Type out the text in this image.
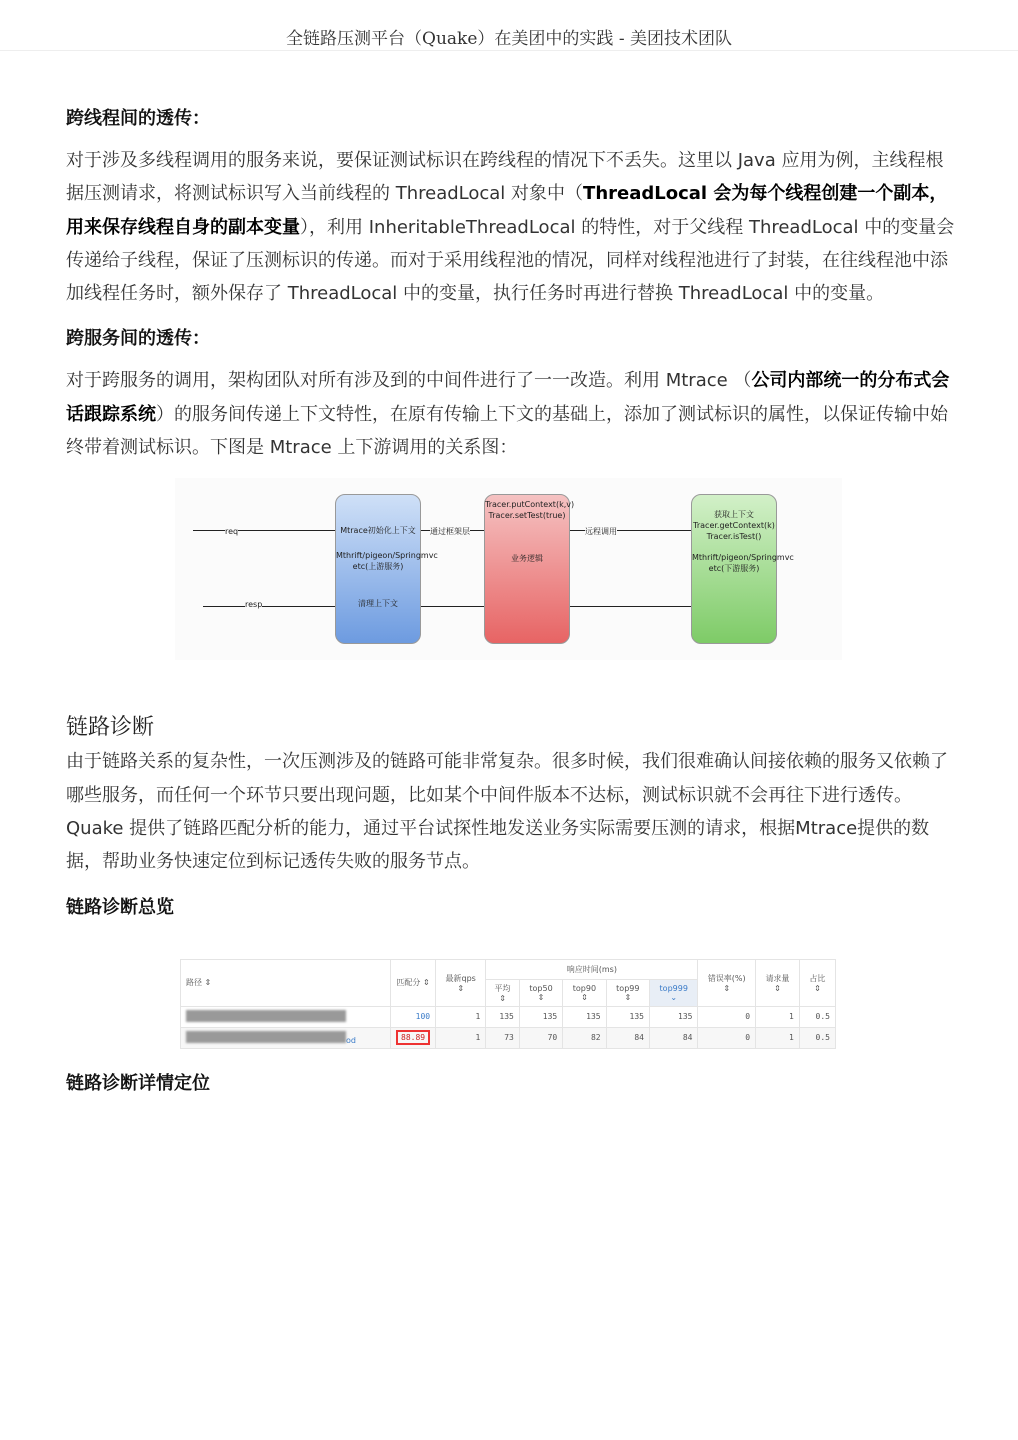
全链路压测平台（Quake）在美团中的实践 - 美团技术团队
跨线程间的透传：

对于涉及多线程调用的服务来说，要保证测试标识在跨线程的情况下不丢失。这里以 Java 应用为例，主线程根据压测请求，将测试标识写入当前线程的 ThreadLocal 对象中（ThreadLocal 会为每个线程创建一个副本，用来保存线程自身的副本变量），利用 InheritableThreadLocal 的特性，对于父线程 ThreadLocal 中的变量会传递给子线程，保证了压测标识的传递。而对于采用线程池的情况，同样对线程池进行了封装，在往线程池中添加线程任务时，额外保存了 ThreadLocal 中的变量，执行任务时再进行替换 ThreadLocal 中的变量。

跨服务间的透传：

对于跨服务的调用，架构团队对所有涉及到的中间件进行了一一改造。利用 Mtrace （公司内部统一的分布式会话跟踪系统）的服务间传递上下文特性，在原有传输上下文的基础上，添加了测试标识的属性，以保证传输中始终带着测试标识。下图是 Mtrace 上下游调用的关系图：

req
resp
通过框架层	远程调用
Mtrace初始化上下文
Mthrift/pigeon/Springmvc etc(上游服务)
清理上下文
Tracer.putContext(k,v) Tracer.setTest(true)
业务逻辑
获取上下文 Tracer.getContext(k) Tracer.isTest()
Mthrift/pigeon/Springmvc etc(下游服务)
链路诊断

由于链路关系的复杂性，一次压测涉及的链路可能非常复杂。很多时候，我们很难确认间接依赖的服务又依赖了哪些服务，而任何一个环节只要出现问题，比如某个中间件版本不达标，测试标识就不会再往下进行透传。Quake 提供了链路匹配分析的能力，通过平台试探性地发送业务实际需要压测的请求，根据Mtrace提供的数据，帮助业务快速定位到标记透传失败的服务节点。

链路诊断总览
路径 ⇕	匹配分 ⇕	最新qps ⇕	响应时间(ms)					错误率(%) ⇕	请求量 ⇕	占比 ⇕
			平均⇕	top50 ⇕	top90 ⇕	top99 ⇕	top999 ⌄			
	100	1	135	135	135	135	135	0	1	0.5
od	88.89	1	73	70	82	84	84	0	1	0.5
链路诊断详情定位
